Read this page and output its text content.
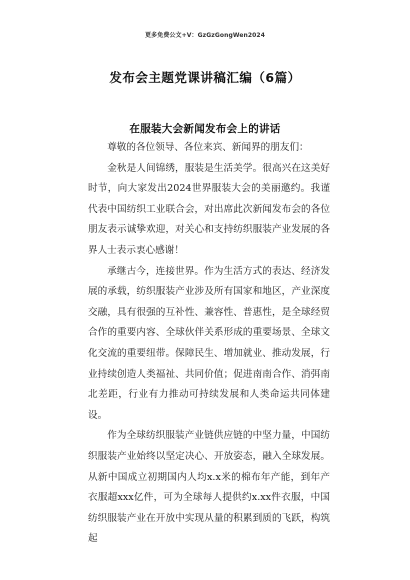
更多免费公文+V：GzGzGongWen2024
发布会主题党课讲稿汇编（6篇）
在服装大会新闻发布会上的讲话

尊敬的各位领导、各位来宾、新闻界的朋友们：

金秋是人间锦绣，服装是生活美学。很高兴在这美好时节，向大家发出2024世界服装大会的美丽邀约。我谨代表中国纺织工业联合会，对出席此次新闻发布会的各位朋友表示诚挚欢迎，对关心和支持纺织服装产业发展的各界人士表示衷心感谢！

承继古今，连接世界。作为生活方式的表达、经济发展的承载，纺织服装产业涉及所有国家和地区，产业深度交融，具有很强的互补性、兼容性、普惠性，是全球经贸合作的重要内容、全球伙伴关系形成的重要场景、全球文化交流的重要纽带。保障民生、增加就业、推动发展，行业持续创造人类福祉、共同价值；促进南南合作、消弭南北差距，行业有力推动可持续发展和人类命运共同体建设。

作为全球纺织服装产业链供应链的中坚力量，中国纺织服装产业始终以坚定决心、开放姿态，融入全球发展。从新中国成立初期国内人均x.x米的棉布年产能，到年产衣服超xxx亿件，可为全球每人提供约x.xx件衣服，中国纺织服装产业在开放中实现从量的积累到质的飞跃，构筑起
